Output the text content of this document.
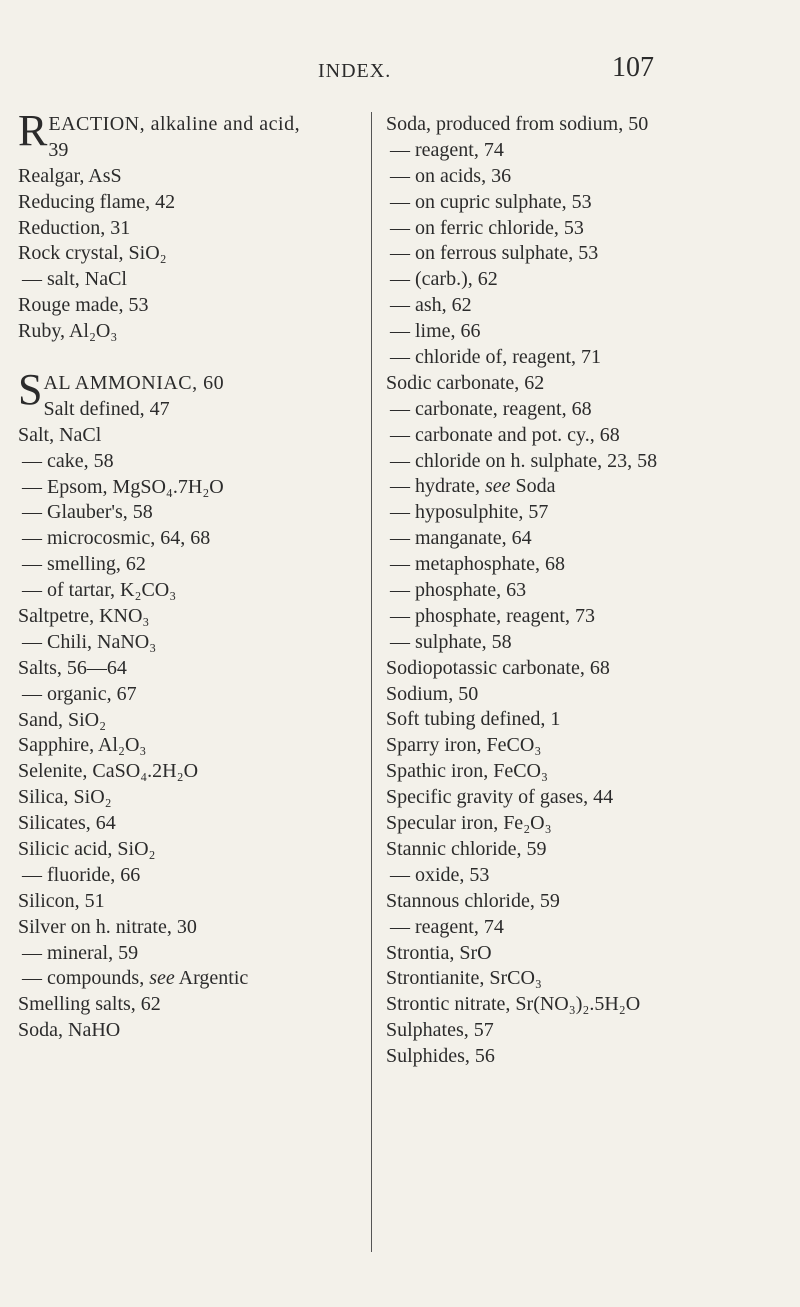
INDEX.	107
R EACTION, alkaline and acid,
39
Realgar, AsS
Reducing flame, 42
Reduction, 31
Rock crystal, SiO₂
— salt, NaCl
Rouge made, 53
Ruby, Al₂O₃
S AL AMMONIAC, 60
Salt defined, 47
Salt, NaCl
— cake, 58
— Epsom, MgSO₄.7H₂O
— Glauber's, 58
— microcosmic, 64, 68
— smelling, 62
— of tartar, K₂CO₃
Saltpetre, KNO₃
— Chili, NaNO₃
Salts, 56—64
— organic, 67
Sand, SiO₂
Sapphire, Al₂O₃
Selenite, CaSO₄.2H₂O
Silica, SiO₂
Silicates, 64
Silicic acid, SiO₂
— fluoride, 66
Silicon, 51
Silver on h. nitrate, 30
— mineral, 59
— compounds, see Argentic
Smelling salts, 62
Soda, NaHO
Soda, produced from sodium, 50
— reagent, 74
— on acids, 36
— on cupric sulphate, 53
— on ferric chloride, 53
— on ferrous sulphate, 53
— (carb.), 62
— ash, 62
— lime, 66
— chloride of, reagent, 71
Sodic carbonate, 62
— carbonate, reagent, 68
— carbonate and pot. cy., 68
— chloride on h. sulphate, 23, 58
— hydrate, see Soda
— hyposulphite, 57
— manganate, 64
— metaphosphate, 68
— phosphate, 63
— phosphate, reagent, 73
— sulphate, 58
Sodiopotassic carbonate, 68
Sodium, 50
Soft tubing defined, 1
Sparry iron, FeCO₃
Spathic iron, FeCO₃
Specific gravity of gases, 44
Specular iron, Fe₂O₃
Stannic chloride, 59
— oxide, 53
Stannous chloride, 59
— reagent, 74
Strontia, SrO
Strontianite, SrCO₃
Strontic nitrate, Sr(NO₃)₂.5H₂O
Sulphates, 57
Sulphides, 56
